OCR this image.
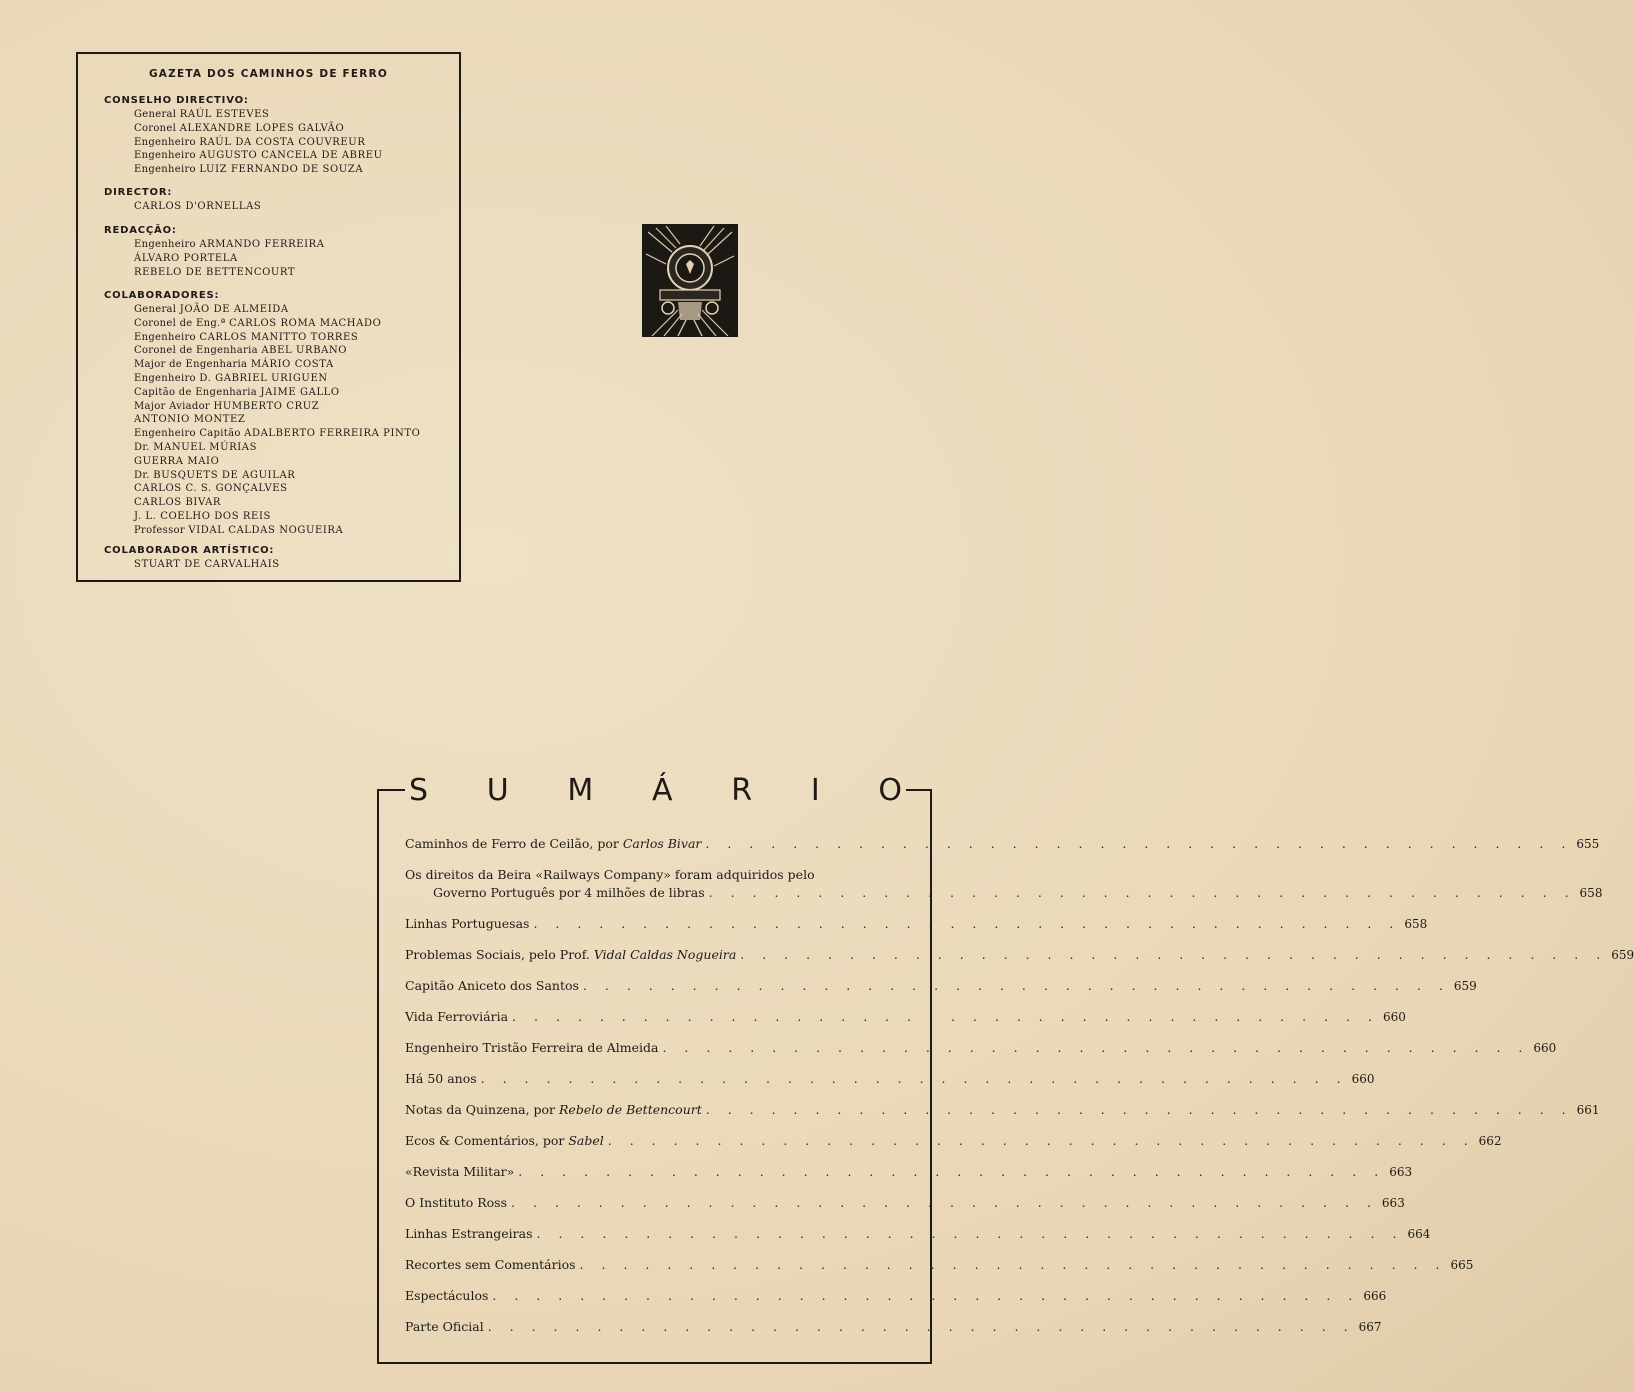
GAZETA DOS CAMINHOS DE FERRO
CONSELHO DIRECTIVO:
General RAÚL ESTEVES
Coronel ALEXANDRE LOPES GALVÃO
Engenheiro RAÚL DA COSTA COUVREUR
Engenheiro AUGUSTO CANCELA DE ABREU
Engenheiro LUIZ FERNANDO DE SOUZA
DIRECTOR:
CARLOS D'ORNELLAS
REDACÇÃO:
Engenheiro ARMANDO FERREIRA
ÁLVARO PORTELA
REBELO DE BETTENCOURT
COLABORADORES:
General JOÃO DE ALMEIDA
Coronel de Eng.ª CARLOS ROMA MACHADO
Engenheiro CARLOS MANITTO TORRES
Coronel de Engenharia ABEL URBANO
Major de Engenharia MÁRIO COSTA
Engenheiro D. GABRIEL URIGUEN
Capitão de Engenharia JAIME GALLO
Major Aviador HUMBERTO CRUZ
ANTONIO MONTEZ
Engenheiro Capitão ADALBERTO FERREIRA PINTO
Dr. MANUEL MÚRIAS
GUERRA MAIO
Dr. BUSQUETS DE AGUILAR
CARLOS C. S. GONÇALVES
CARLOS BIVAR
J. L. COELHO DOS REIS
Professor VIDAL CALDAS NOGUEIRA
COLABORADOR ARTÍSTICO:
STUART DE CARVALHAIS
S U M Á R I O
Caminhos de Ferro de Ceilão, por Carlos Bivar . . . . . . . . . . . . . . . . . . . . . . . . . . . . . . . . . . . . . . . . 655
Os direitos da Beira «Railways Company» foram adquiridos pelo
Governo Português por 4 milhões de libras . . . . . . . . . . . . . . . . . . . . . . . . . . . . . . . . . . . . . . . . 658
Linhas Portuguesas . . . . . . . . . . . . . . . . . . . . . . . . . . . . . . . . . . . . . . . . 658
Problemas Sociais, pelo Prof. Vidal Caldas Nogueira . . . . . . . . . . . . . . . . . . . . . . . . . . . . . . . . . . . . . . . . 659
Capitão Aniceto dos Santos . . . . . . . . . . . . . . . . . . . . . . . . . . . . . . . . . . . . . . . . 659
Vida Ferroviária . . . . . . . . . . . . . . . . . . . . . . . . . . . . . . . . . . . . . . . . 660
Engenheiro Tristão Ferreira de Almeida . . . . . . . . . . . . . . . . . . . . . . . . . . . . . . . . . . . . . . . . 660
Há 50 anos . . . . . . . . . . . . . . . . . . . . . . . . . . . . . . . . . . . . . . . . 660
Notas da Quinzena, por Rebelo de Bettencourt . . . . . . . . . . . . . . . . . . . . . . . . . . . . . . . . . . . . . . . . 661
Ecos & Comentários, por Sabel . . . . . . . . . . . . . . . . . . . . . . . . . . . . . . . . . . . . . . . . 662
«Revista Militar» . . . . . . . . . . . . . . . . . . . . . . . . . . . . . . . . . . . . . . . . 663
O Instituto Ross . . . . . . . . . . . . . . . . . . . . . . . . . . . . . . . . . . . . . . . . 663
Linhas Estrangeiras . . . . . . . . . . . . . . . . . . . . . . . . . . . . . . . . . . . . . . . . 664
Recortes sem Comentários . . . . . . . . . . . . . . . . . . . . . . . . . . . . . . . . . . . . . . . . 665
Espectáculos . . . . . . . . . . . . . . . . . . . . . . . . . . . . . . . . . . . . . . . . 666
Parte Oficial . . . . . . . . . . . . . . . . . . . . . . . . . . . . . . . . . . . . . . . . 667
